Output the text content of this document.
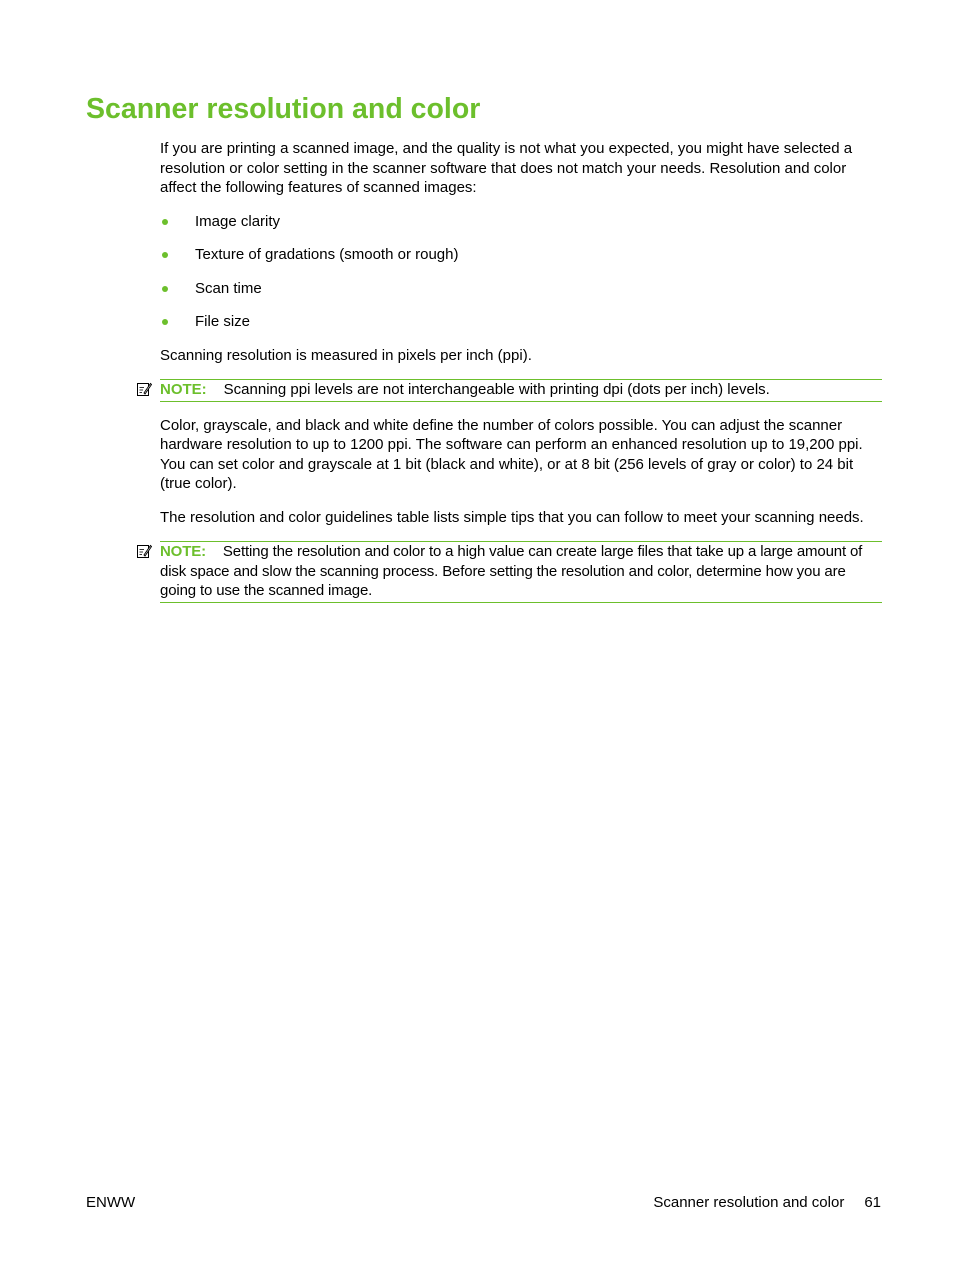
Scanner resolution and color

If you are printing a scanned image, and the quality is not what you expected, you might have selected a resolution or color setting in the scanner software that does not match your needs. Resolution and color affect the following features of scanned images:

Image clarity
Texture of gradations (smooth or rough)
Scan time
File size

Scanning resolution is measured in pixels per inch (ppi).

NOTE: Scanning ppi levels are not interchangeable with printing dpi (dots per inch) levels.

Color, grayscale, and black and white define the number of colors possible. You can adjust the scanner hardware resolution to up to 1200 ppi. The software can perform an enhanced resolution up to 19,200 ppi. You can set color and grayscale at 1 bit (black and white), or at 8 bit (256 levels of gray or color) to 24 bit (true color).

The resolution and color guidelines table lists simple tips that you can follow to meet your scanning needs.

NOTE: Setting the resolution and color to a high value can create large files that take up a large amount of disk space and slow the scanning process. Before setting the resolution and color, determine how you are going to use the scanned image.
ENWW	Scanner resolution and color 61
